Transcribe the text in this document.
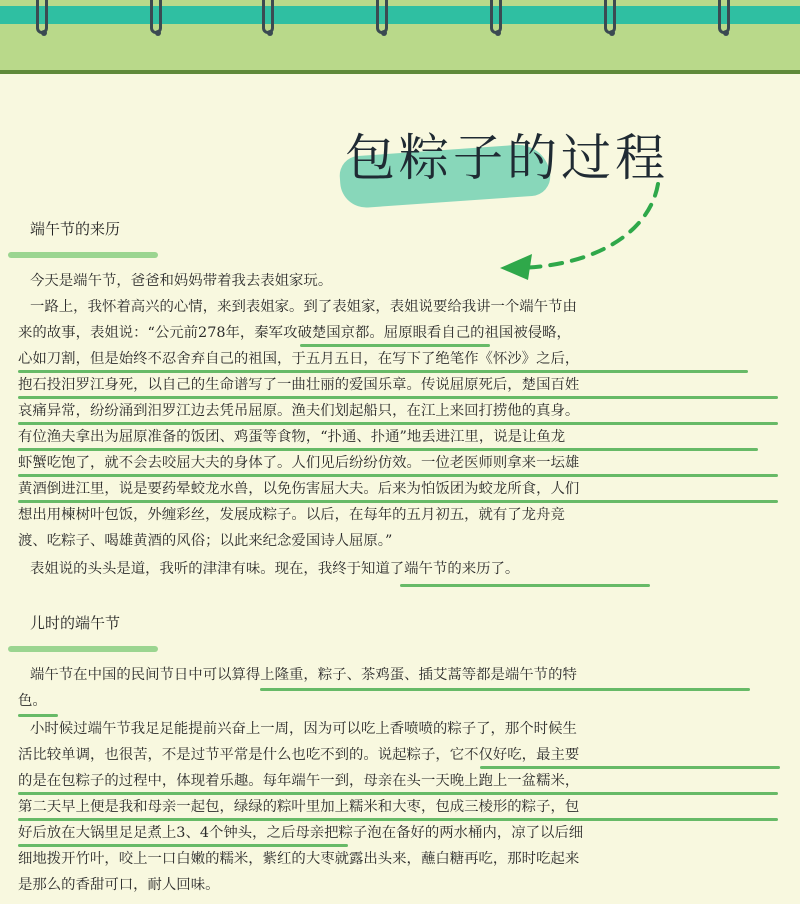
包粽子的过程
端午节的来历
今天是端午节，爸爸和妈妈带着我去表姐家玩。
一路上，我怀着高兴的心情，来到表姐家。到了表姐家，表姐说要给我讲一个端午节由
来的故事，表姐说：“公元前278年，秦军攻破楚国京都。屈原眼看自己的祖国被侵略，
心如刀割，但是始终不忍舍弃自己的祖国，于五月五日，在写下了绝笔作《怀沙》之后，
抱石投汨罗江身死，以自己的生命谱写了一曲壮丽的爱国乐章。传说屈原死后，楚国百姓
哀痛异常，纷纷涌到汨罗江边去凭吊屈原。渔夫们划起船只，在江上来回打捞他的真身。
有位渔夫拿出为屈原准备的饭团、鸡蛋等食物，“扑通、扑通”地丢进江里，说是让鱼龙
虾蟹吃饱了，就不会去咬屈大夫的身体了。人们见后纷纷仿效。一位老医师则拿来一坛雄
黄酒倒进江里，说是要药晕蛟龙水兽，以免伤害屈大夫。后来为怕饭团为蛟龙所食，人们
想出用楝树叶包饭，外缠彩丝，发展成粽子。以后，在每年的五月初五，就有了龙舟竞
渡、吃粽子、喝雄黄酒的风俗；以此来纪念爱国诗人屈原。”
表姐说的头头是道，我听的津津有味。现在，我终于知道了端午节的来历了。
儿时的端午节
端午节在中国的民间节日中可以算得上隆重，粽子、茶鸡蛋、插艾蒿等都是端午节的特
色。
小时候过端午节我足足能提前兴奋上一周，因为可以吃上香喷喷的粽子了，那个时候生
活比较单调，也很苦，不是过节平常是什么也吃不到的。说起粽子，它不仅好吃，最主要
的是在包粽子的过程中，体现着乐趣。每年端午一到，母亲在头一天晚上跑上一盆糯米，
第二天早上便是我和母亲一起包，绿绿的粽叶里加上糯米和大枣，包成三棱形的粽子，包
好后放在大锅里足足煮上3、4个钟头，之后母亲把粽子泡在备好的两水桶内，凉了以后细
细地拨开竹叶，咬上一口白嫩的糯米，紫红的大枣就露出头来，蘸白糖再吃，那时吃起来
是那么的香甜可口，耐人回味。
